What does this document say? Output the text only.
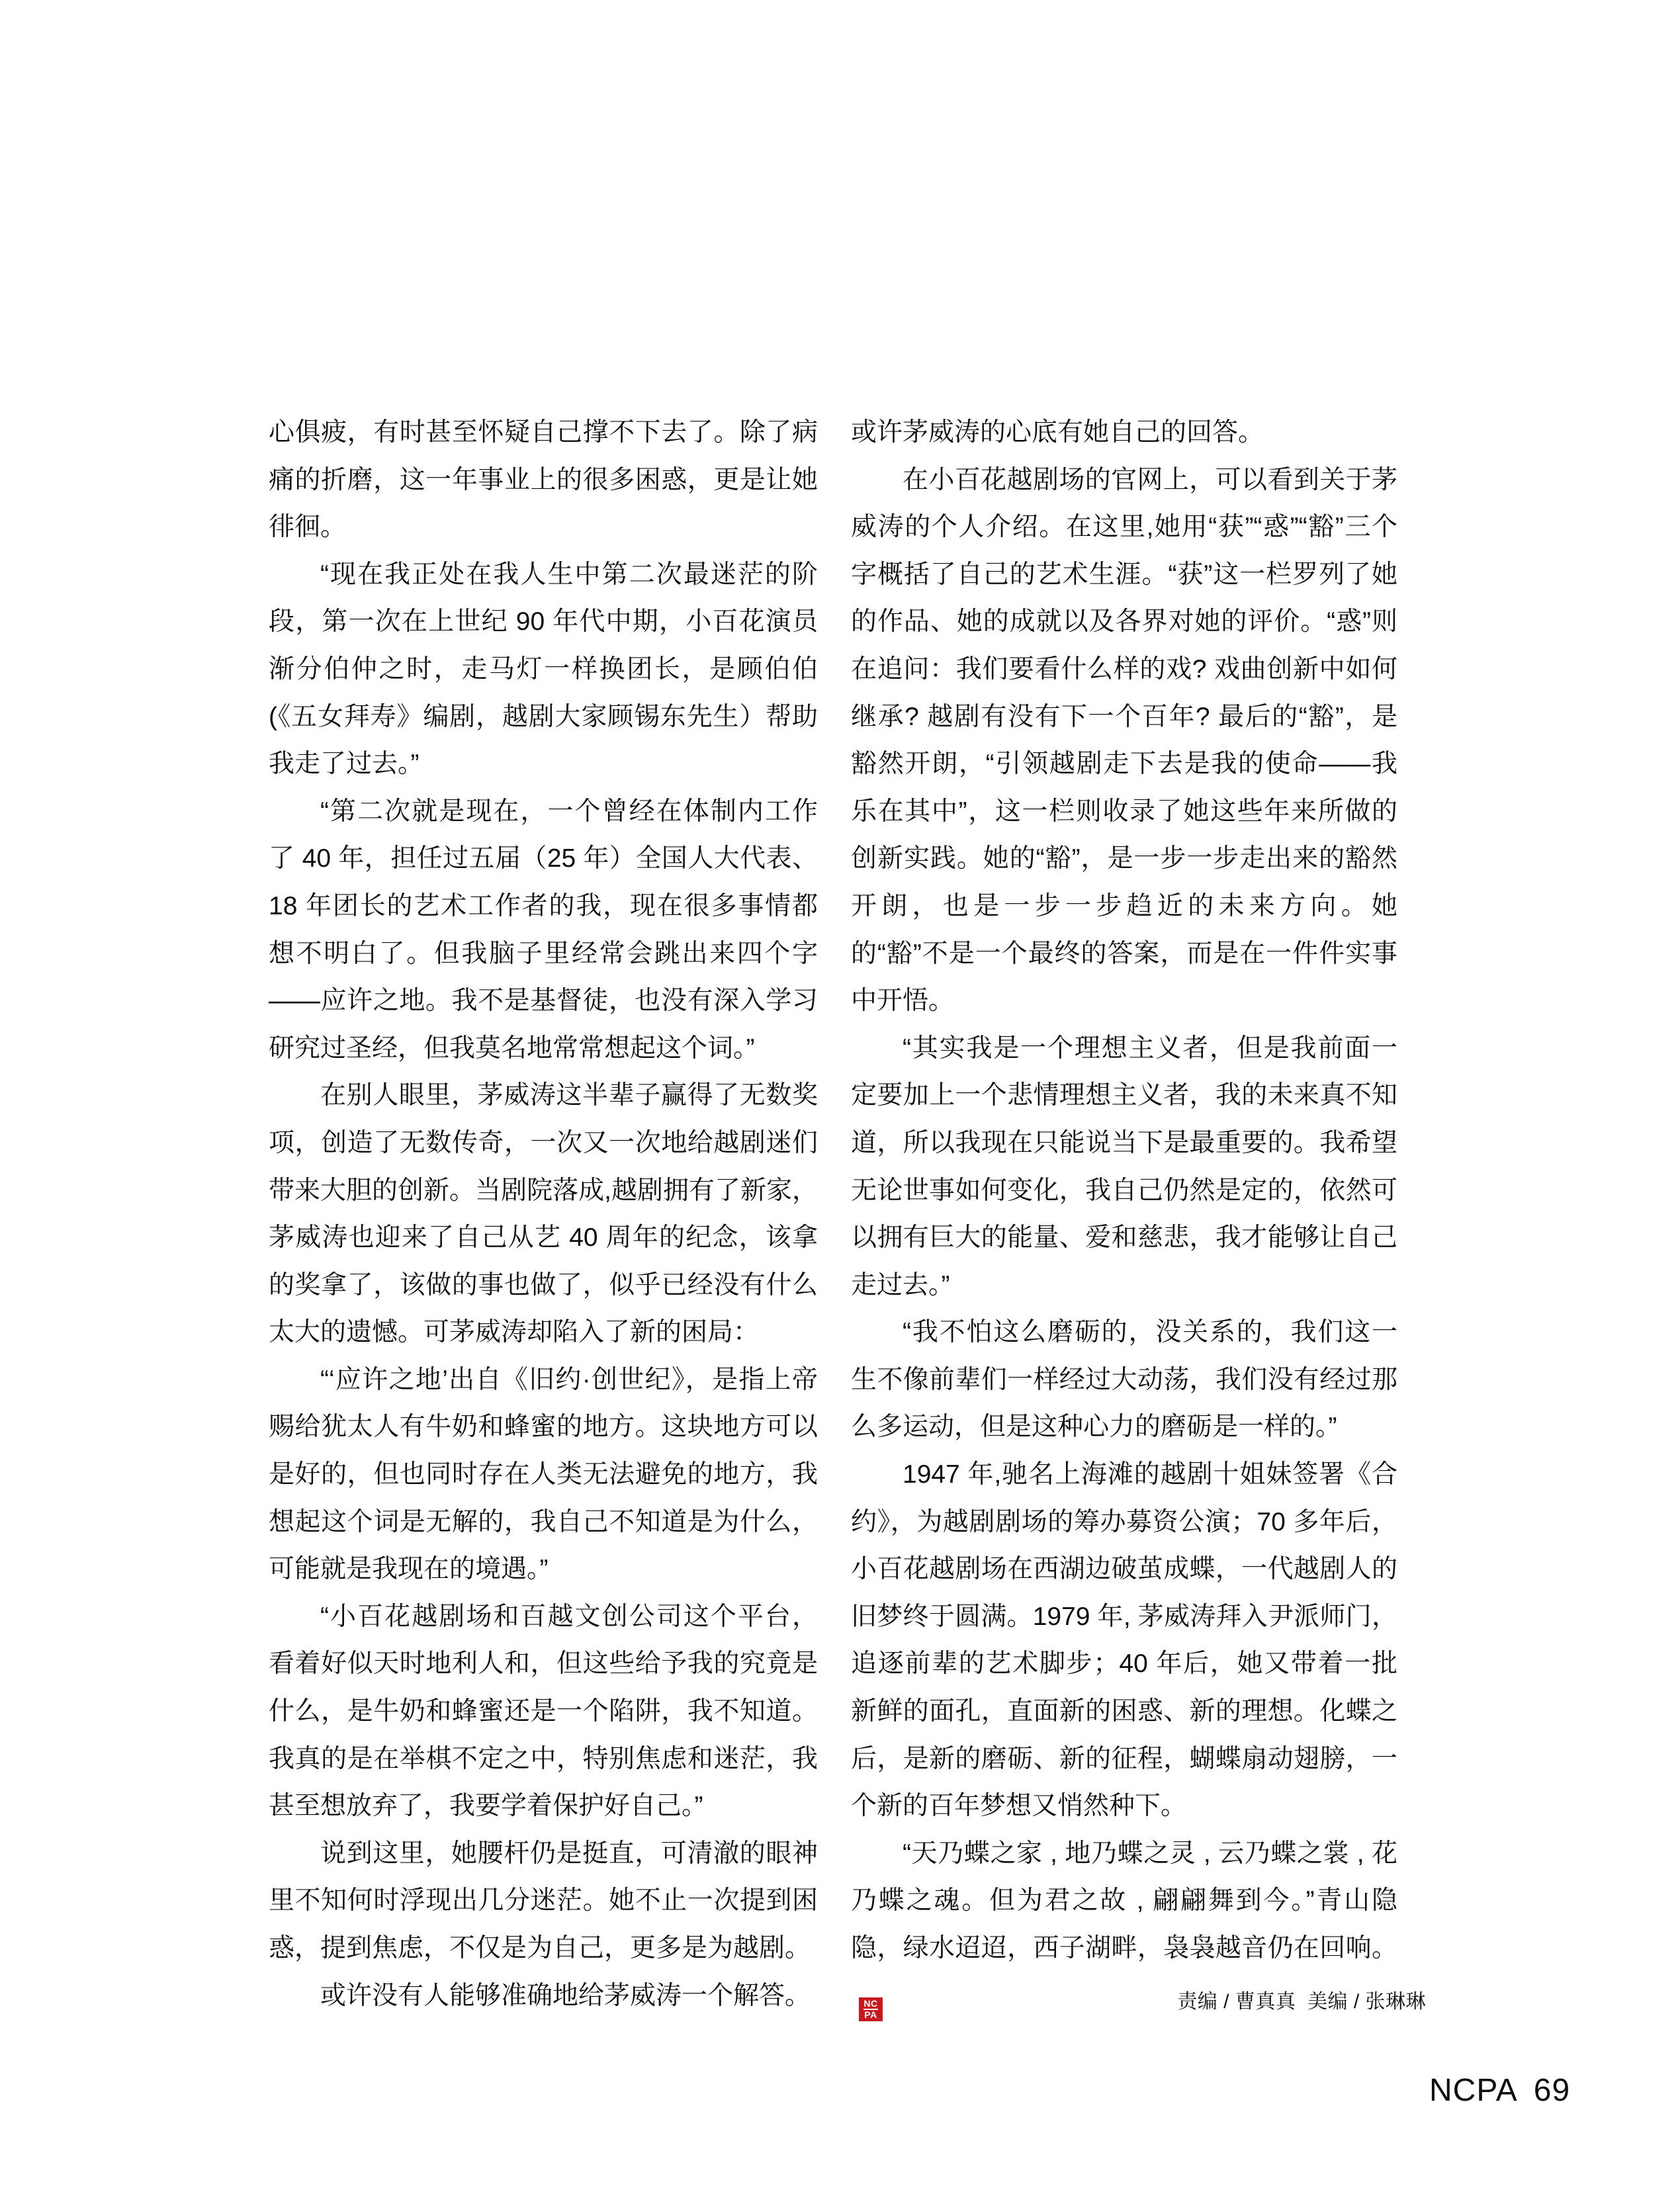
心俱疲，有时甚至怀疑自己撑不下去了。除了病痛的折磨，这一年事业上的很多困惑，更是让她徘徊。

“现在我正处在我人生中第二次最迷茫的阶段，第一次在上世纪 90 年代中期，小百花演员渐分伯仲之时，走马灯一样换团长，是顾伯伯(《五女拜寿》编剧，越剧大家顾锡东先生）帮助我走了过去。”

“第二次就是现在，一个曾经在体制内工作了 40 年，担任过五届（25 年）全国人大代表、18 年团长的艺术工作者的我，现在很多事情都想不明白了。但我脑子里经常会跳出来四个字——应许之地。我不是基督徒，也没有深入学习研究过圣经，但我莫名地常常想起这个词。”

在别人眼里，茅威涛这半辈子赢得了无数奖项，创造了无数传奇，一次又一次地给越剧迷们带来大胆的创新。当剧院落成,越剧拥有了新家，茅威涛也迎来了自己从艺 40 周年的纪念，该拿的奖拿了，该做的事也做了，似乎已经没有什么太大的遗憾。可茅威涛却陷入了新的困局：

“‘应许之地’出自《旧约·创世纪》，是指上帝赐给犹太人有牛奶和蜂蜜的地方。这块地方可以是好的，但也同时存在人类无法避免的地方，我想起这个词是无解的，我自己不知道是为什么，可能就是我现在的境遇。”

“小百花越剧场和百越文创公司这个平台，看着好似天时地利人和，但这些给予我的究竟是什么，是牛奶和蜂蜜还是一个陷阱，我不知道。我真的是在举棋不定之中，特别焦虑和迷茫，我甚至想放弃了，我要学着保护好自己。”

说到这里，她腰杆仍是挺直，可清澈的眼神里不知何时浮现出几分迷茫。她不止一次提到困惑，提到焦虑，不仅是为自己，更多是为越剧。

或许没有人能够准确地给茅威涛一个解答。

或许茅威涛的心底有她自己的回答。

在小百花越剧场的官网上，可以看到关于茅威涛的个人介绍。在这里,她用“获”“惑”“豁”三个字概括了自己的艺术生涯。“获”这一栏罗列了她的作品、她的成就以及各界对她的评价。“惑”则在追问：我们要看什么样的戏? 戏曲创新中如何继承? 越剧有没有下一个百年? 最后的“豁”，是豁然开朗，“引领越剧走下去是我的使命——我乐在其中”，这一栏则收录了她这些年来所做的创新实践。她的“豁”，是一步一步走出来的豁然开朗，也是一步一步趋近的未来方向。她的“豁”不是一个最终的答案，而是在一件件实事中开悟。

“其实我是一个理想主义者，但是我前面一定要加上一个悲情理想主义者，我的未来真不知道，所以我现在只能说当下是最重要的。我希望无论世事如何变化，我自己仍然是定的，依然可以拥有巨大的能量、爱和慈悲，我才能够让自己走过去。”

“我不怕这么磨砺的，没关系的，我们这一生不像前辈们一样经过大动荡，我们没有经过那么多运动，但是这种心力的磨砺是一样的。”

1947 年,驰名上海滩的越剧十姐妹签署《合约》，为越剧剧场的筹办募资公演；70 多年后，小百花越剧场在西湖边破茧成蝶，一代越剧人的旧梦终于圆满。1979 年, 茅威涛拜入尹派师门，追逐前辈的艺术脚步；40 年后，她又带着一批新鲜的面孔，直面新的困惑、新的理想。化蝶之后，是新的磨砺、新的征程，蝴蝶扇动翅膀，一个新的百年梦想又悄然种下。

“天乃蝶之家 , 地乃蝶之灵 , 云乃蝶之裳 , 花乃蝶之魂。但为君之故 , 翩翩舞到今。”青山隐隐，绿水迢迢，西子湖畔，袅袅越音仍在回响。
$\frac{NC}{PA}$	责编 / 曹真真  美编 / 张琳琳
NCPA 69
